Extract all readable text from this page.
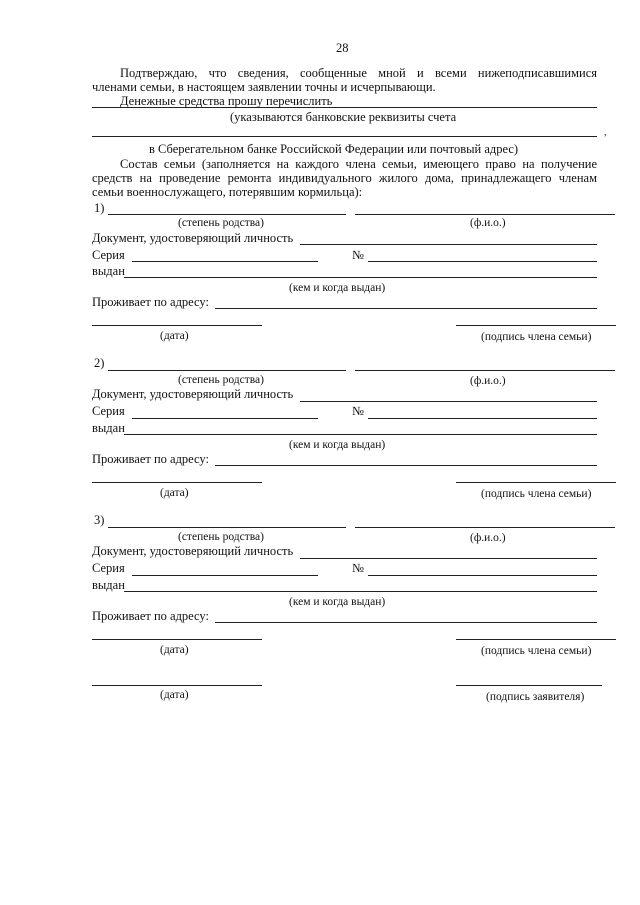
28
Подтверждаю, что сведения, сообщенные мной и всеми нижеподписавшимися
членами семьи, в настоящем заявлении точны и исчерпывающи.
Денежные средства прошу перечислить
(указываются банковские реквизиты счета
в Сберегательном банке Российской Федерации или почтовый адрес)
,
Состав семьи (заполняется на каждого члена семьи, имеющего право на получение
средств на проведение ремонта индивидуального жилого дома, принадлежащего членам
семьи военнослужащего, потерявшим кормильца):
1)
(степень родства)	(ф.и.о.)
Документ, удостоверяющий личность
Серия	№
выдан
(кем и когда выдан)
Проживает по адресу:
(дата)	(подпись члена семьи)
2)
(степень родства)	(ф.и.о.)
Документ, удостоверяющий личность
Серия	№
выдан
(кем и когда выдан)
Проживает по адресу:
(дата)	(подпись члена семьи)
3)
(степень родства)	(ф.и.о.)
Документ, удостоверяющий личность
Серия	№
выдан
(кем и когда выдан)
Проживает по адресу:
(дата)	(подпись члена семьи)
(дата)	(подпись заявителя)
